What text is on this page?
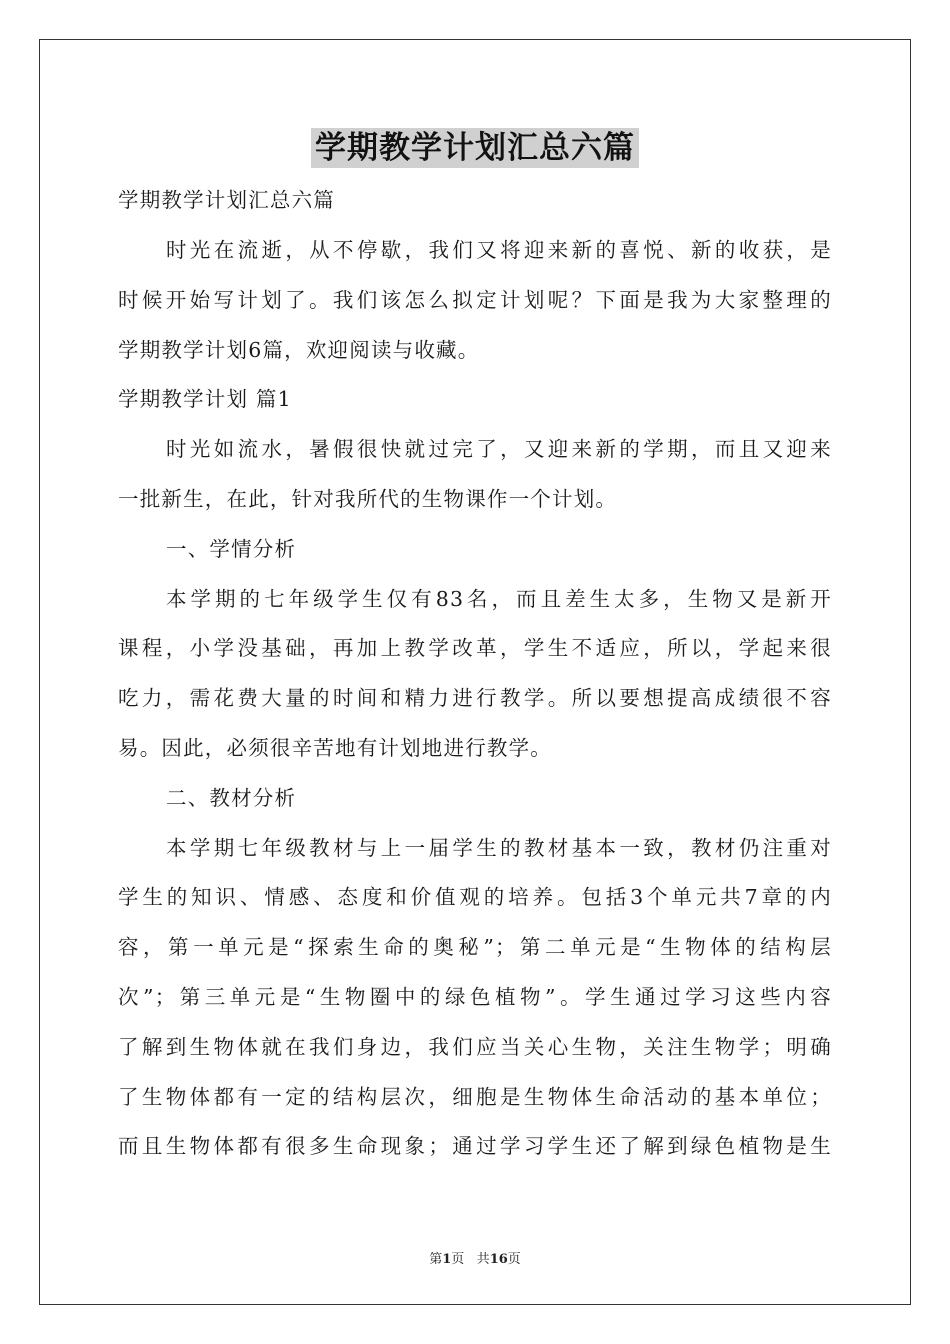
学期教学计划汇总六篇
学期教学计划汇总六篇
时光在流逝，从不停歇，我们又将迎来新的喜悦、新的收获，是
时候开始写计划了。我们该怎么拟定计划呢？下面是我为大家整理的
学期教学计划6篇，欢迎阅读与收藏。
学期教学计划 篇1
时光如流水，暑假很快就过完了，又迎来新的学期，而且又迎来
一批新生，在此，针对我所代的生物课作一个计划。
一、学情分析
本学期的七年级学生仅有83名，而且差生太多，生物又是新开
课程，小学没基础，再加上教学改革，学生不适应，所以，学起来很
吃力，需花费大量的时间和精力进行教学。所以要想提高成绩很不容
易。因此，必须很辛苦地有计划地进行教学。
二、教材分析
本学期七年级教材与上一届学生的教材基本一致，教材仍注重对
学生的知识、情感、态度和价值观的培养。包括3个单元共7章的内
容，第一单元是“探索生命的奥秘”；第二单元是“生物体的结构层
次”；第三单元是“生物圈中的绿色植物”。学生通过学习这些内容
了解到生物体就在我们身边，我们应当关心生物，关注生物学；明确
了生物体都有一定的结构层次，细胞是生物体生命活动的基本单位；
而且生物体都有很多生命现象；通过学习学生还了解到绿色植物是生
第1页 共16页
